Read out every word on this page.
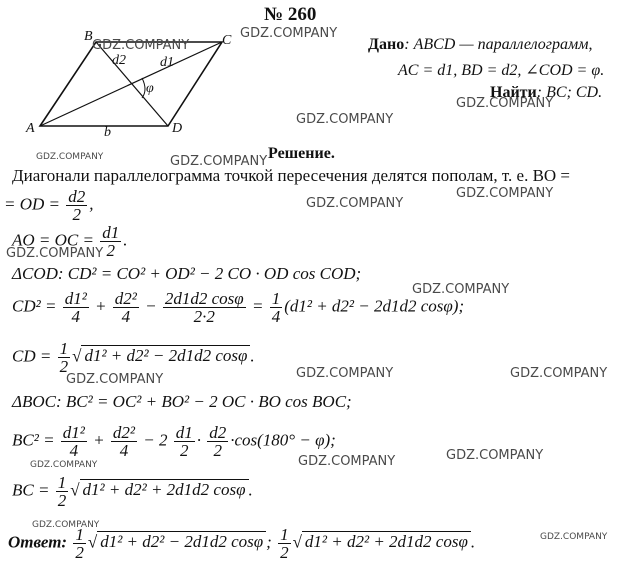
№ 260
A
B	C
D
d2 d1
φ
b
Дано: ABCD — параллелограмм,
AC = d1, BD = d2, ∠COD = φ.
Найти: BC; CD.
Решение.
Диагонали параллелограмма точкой пересечения делятся пополам, т. е. BO =
= OD = $\frac{d2}{2}$ ,
AO = OC = $\frac{d1}{2}$ .
ΔCOD: CD² = CO² + OD² − 2 CO · OD cos COD;
$CD^2 = \frac{\text{d1²}}{4} + \frac{\text{d2²}}{4} - \frac{2d1d2 \cos\varphi}{2\cdot 2} = \frac{1}{4} (d1^2 + d2^2 - 2d1d2$ cosφ);
CD = $\frac{1}{2}$ √ d1² + d2² − 2d1d2 cosφ .
ΔBOC: BC² = OC² + BO² − 2 OC · BO cos BOC;
$BC^2 = \frac{\text{d1²}}{4} + \frac{\text{d2²}}{4} - 2 \frac{d1}{2} \cdot \frac{d2}{2} \cdot\cos(180^\circ - \varphi)$;
BC = $\frac{1}{2}$ √ d1² + d2² + 2d1d2 cosφ .
Ответ: $\frac{1}{2}$ √ d1² + d2² − 2d1d2 cosφ ; $\frac{1}{2}$ √ d1² + d2² + 2d1d2 cosφ .
GDZ.COMPANY
GDZ.COMPANY
GDZ.COMPANY
GDZ.COMPANY
GDZ.COMPANY	GDZ.COMPANY
GDZ.COMPANY
GDZ.COMPANY
GDZ.COMPANY
GDZ.COMPANY
GDZ.COMPANY	GDZ.COMPANY	GDZ.COMPANY
GDZ.COMPANY	GDZ.COMPANY	GDZ.COMPANY
GDZ.COMPANY
GDZ.COMPANY
